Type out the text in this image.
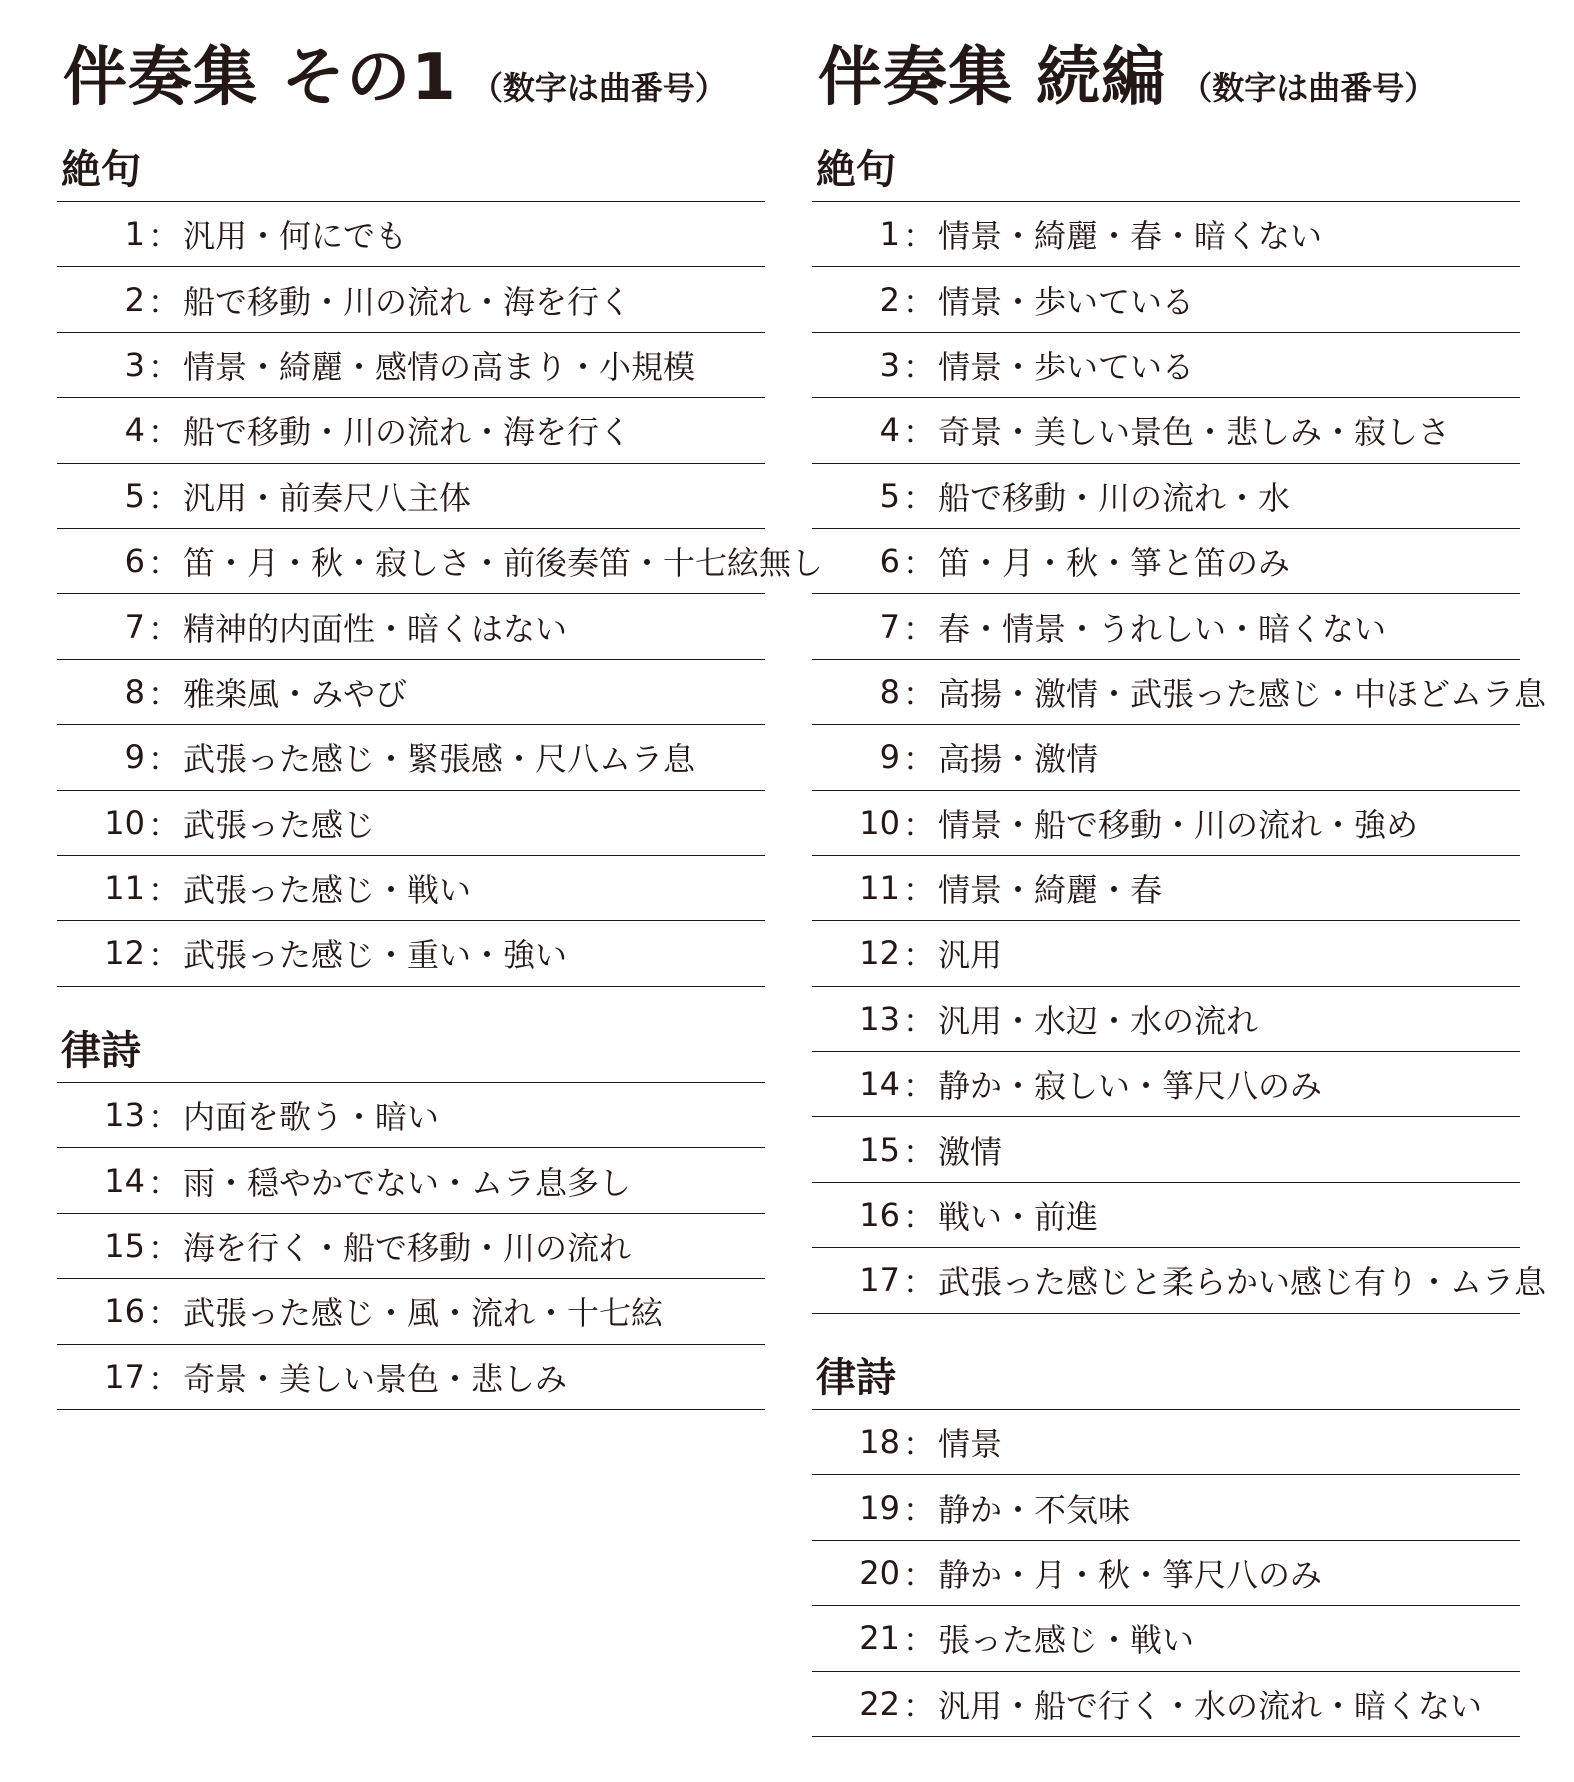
伴奏集 その1 （数字は曲番号）
絶句
1 ： 汎用・何にでも
2 ： 船で移動・川の流れ・海を行く
3 ： 情景・綺麗・感情の高まり・小規模
4 ： 船で移動・川の流れ・海を行く
5 ： 汎用・前奏尺八主体
6 ： 笛・月・秋・寂しさ・前後奏笛・十七絃無し
7 ： 精神的内面性・暗くはない
8 ： 雅楽風・みやび
9 ： 武張った感じ・緊張感・尺八ムラ息
10 ： 武張った感じ
11 ： 武張った感じ・戦い
12 ： 武張った感じ・重い・強い
律詩
13 ： 内面を歌う・暗い
14 ： 雨・穏やかでない・ムラ息多し
15 ： 海を行く・船で移動・川の流れ
16 ： 武張った感じ・風・流れ・十七絃
17 ： 奇景・美しい景色・悲しみ
伴奏集 続編 （数字は曲番号）
絶句
1 ： 情景・綺麗・春・暗くない
2 ： 情景・歩いている
3 ： 情景・歩いている
4 ： 奇景・美しい景色・悲しみ・寂しさ
5 ： 船で移動・川の流れ・水
6 ： 笛・月・秋・箏と笛のみ
7 ： 春・情景・うれしい・暗くない
8 ： 高揚・激情・武張った感じ・中ほどムラ息
9 ： 高揚・激情
10 ： 情景・船で移動・川の流れ・強め
11 ： 情景・綺麗・春
12 ： 汎用
13 ： 汎用・水辺・水の流れ
14 ： 静か・寂しい・箏尺八のみ
15 ： 激情
16 ： 戦い・前進
17 ： 武張った感じと柔らかい感じ有り・ムラ息
律詩
18 ： 情景
19 ： 静か・不気味
20 ： 静か・月・秋・箏尺八のみ
21 ： 張った感じ・戦い
22 ： 汎用・船で行く・水の流れ・暗くない
